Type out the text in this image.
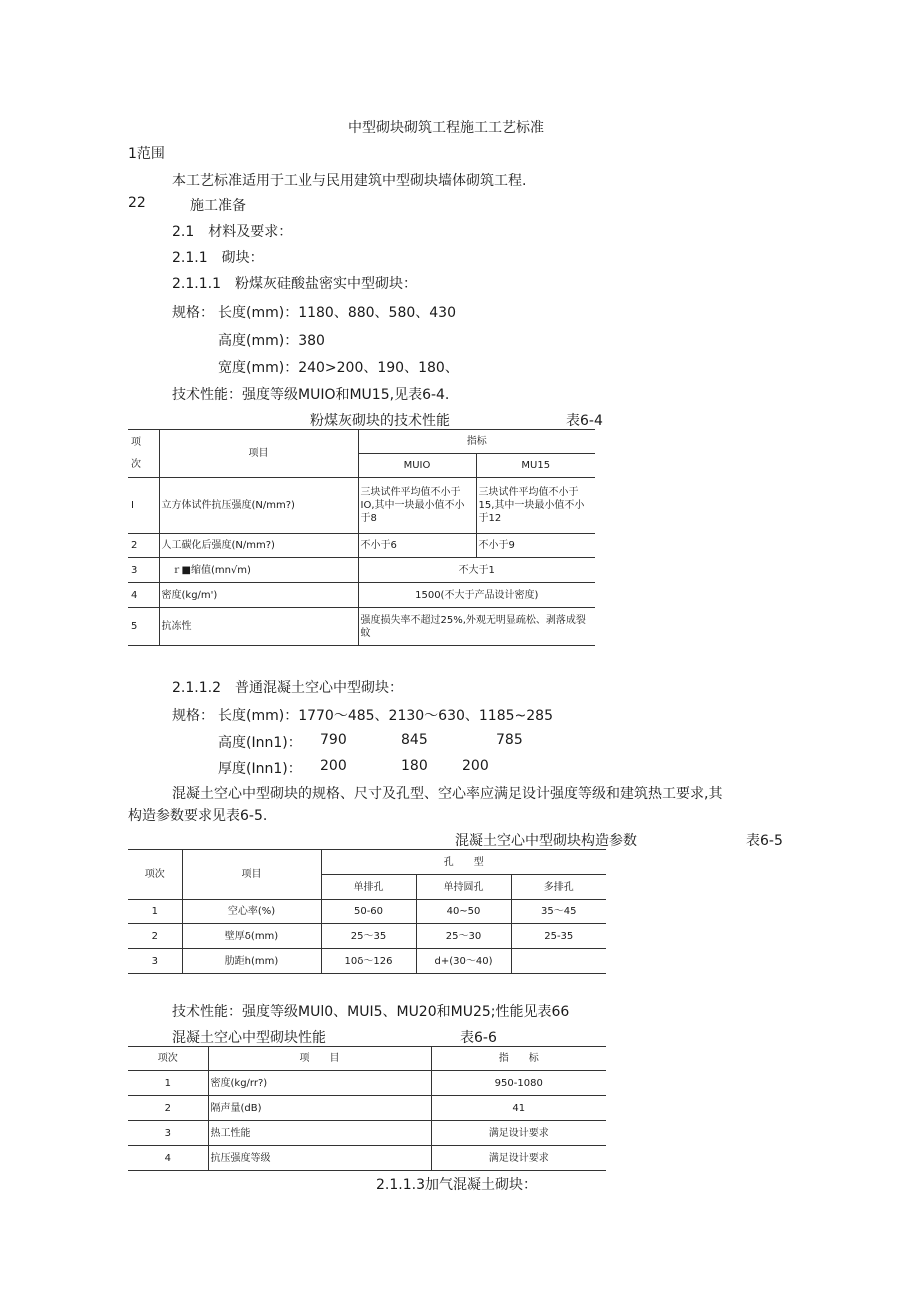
中型砌块砌筑工程施工工艺标准
1范围
本工艺标准适用于工业与民用建筑中型砌块墙体砌筑工程.
22	施工准备
2.1　材料及要求：
2.1.1　砌块：
2.1.1.1　粉煤灰硅酸盐密实中型砌块：
规格： 长度(mm)：1180、880、580、430
高度(mm)：380
宽度(mm)：240>200、190、180、
技术性能：强度等级MUIO和MU15,见表6-4.
粉煤灰砌块的技术性能	表6-4
项
次	项目	指标	
		MUIO	MU15
I	立方体试件抗压强度(N/mm?)	三块试件平均值不小于IO,其中一块最小值不小于8	三块试件平均值不小于15,其中一块最小值不小于12
2	人工碳化后强度(N∕mm?)	不小于6	不小于9
3	ｒ■缩值(mn√m)	不大于1	
4	密度(kg∕m')	1500(不大于产品设计密度)	
5	抗冻性	强度损失率不超过25%,外观无明显疏松、剥落成裂蚊	
2.1.1.2　普通混凝土空心中型砌块：
规格： 长度(mm)：1770～485、2130～630、1185~285
高度(Inn1)： 790	845	785
厚度(Inn1)： 200	180 200
混凝土空心中型砌块的规格、尺寸及孔型、空心率应满足设计强度等级和建筑热工要求,其
构造参数要求见表6-5.
混凝土空心中型砌块构造参数	表6-5
项次	项目	孔　　型		
		单排孔	单持圆孔	多排孔
1	空心率(%)	50-60	40~50	35～45
2	壁厚δ(mm)	25～35	25～30	25-35
3	肋距h(mm)	10δ～126	d+(30～40)	
技术性能：强度等级MUl0、MUI5、MU20和MU25;性能见表66
混凝土空心中型砌块性能	表6-6
项次	项　　目	指　　标
1	密度(kg∕rr?)	950-1080
2	隔声量(dB)	41
3	热工性能	满足设计要求
4	抗压强度等级	满足设计要求
2.1.1.3加气混凝土砌块：
